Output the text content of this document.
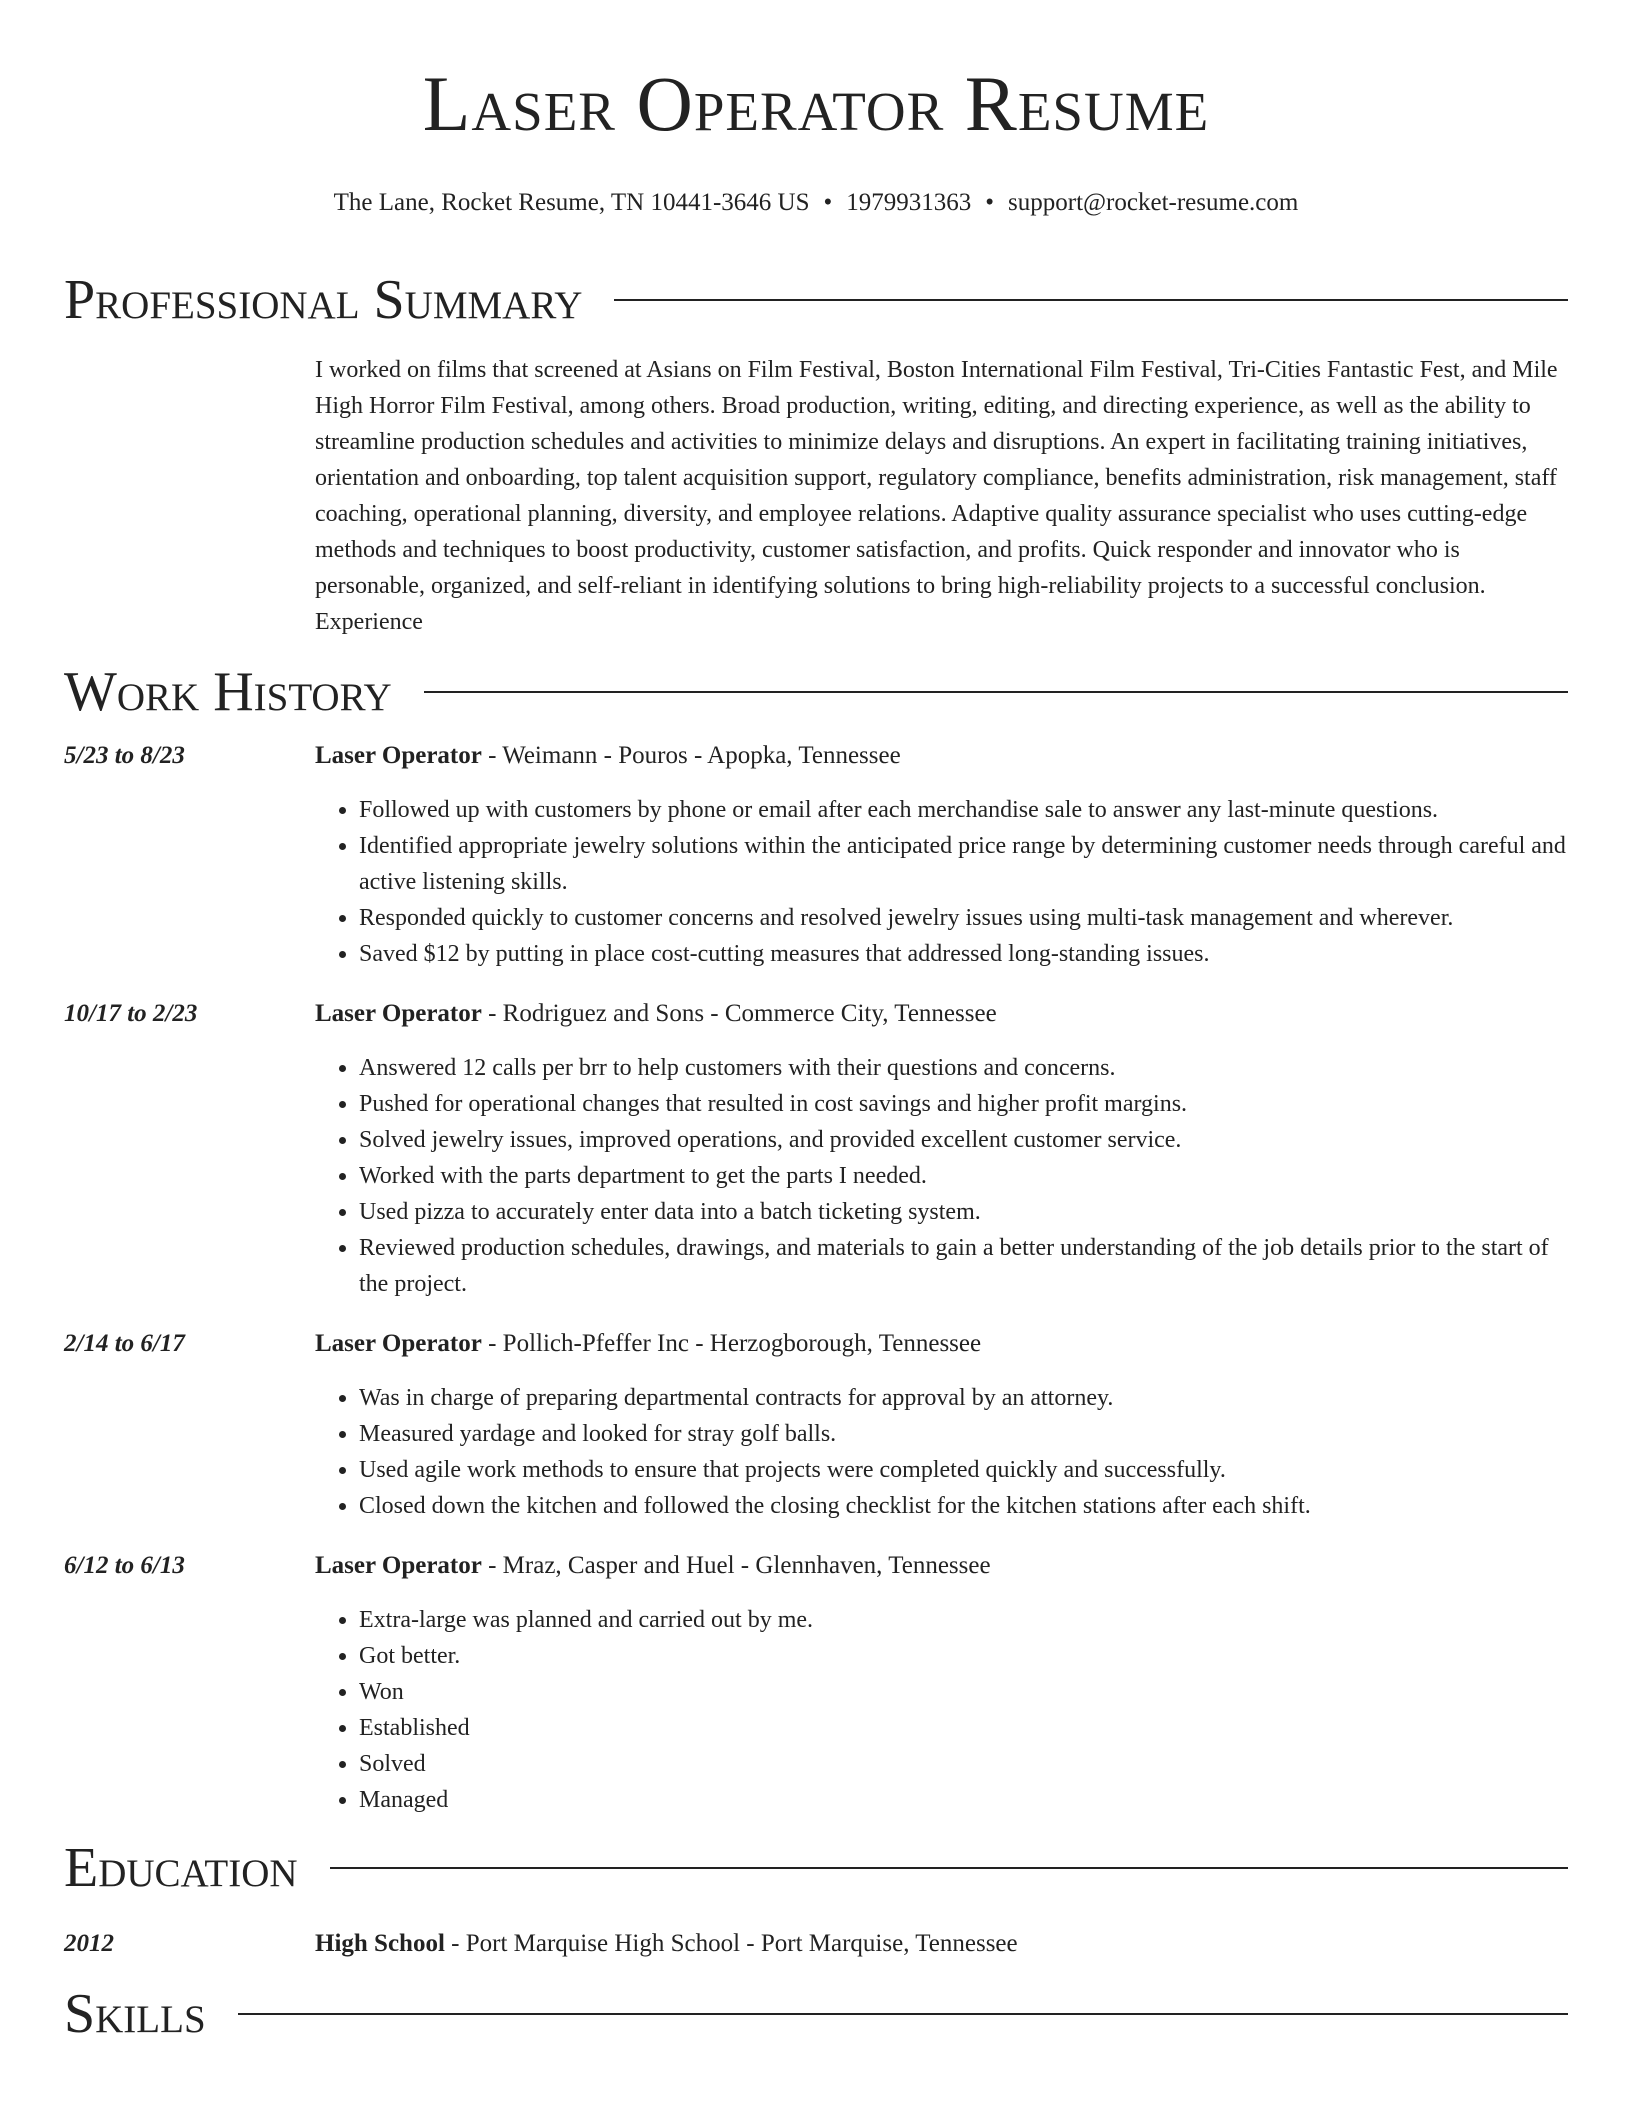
Laser Operator Resume
The Lane, Rocket Resume, TN 10441-3646 US • 1979931363 • support@rocket-resume.com
Professional Summary
I worked on films that screened at Asians on Film Festival, Boston International Film Festival, Tri-Cities Fantastic Fest, and Mile High Horror Film Festival, among others. Broad production, writing, editing, and directing experience, as well as the ability to streamline production schedules and activities to minimize delays and disruptions. An expert in facilitating training initiatives, orientation and onboarding, top talent acquisition support, regulatory compliance, benefits administration, risk management, staff coaching, operational planning, diversity, and employee relations. Adaptive quality assurance specialist who uses cutting-edge methods and techniques to boost productivity, customer satisfaction, and profits. Quick responder and innovator who is personable, organized, and self-reliant in identifying solutions to bring high-reliability projects to a successful conclusion. Experience
Work History
5/23 to 8/23	Laser Operator - Weimann - Pouros - Apopka, Tennessee
• Followed up with customers by phone or email after each merchandise sale to answer any last-minute questions.
• Identified appropriate jewelry solutions within the anticipated price range by determining customer needs through careful and active listening skills.
• Responded quickly to customer concerns and resolved jewelry issues using multi-task management and wherever.
• Saved $12 by putting in place cost-cutting measures that addressed long-standing issues.
10/17 to 2/23	Laser Operator - Rodriguez and Sons - Commerce City, Tennessee
• Answered 12 calls per brr to help customers with their questions and concerns.
• Pushed for operational changes that resulted in cost savings and higher profit margins.
• Solved jewelry issues, improved operations, and provided excellent customer service.
• Worked with the parts department to get the parts I needed.
• Used pizza to accurately enter data into a batch ticketing system.
• Reviewed production schedules, drawings, and materials to gain a better understanding of the job details prior to the start of the project.
2/14 to 6/17	Laser Operator - Pollich-Pfeffer Inc - Herzogborough, Tennessee
• Was in charge of preparing departmental contracts for approval by an attorney.
• Measured yardage and looked for stray golf balls.
• Used agile work methods to ensure that projects were completed quickly and successfully.
• Closed down the kitchen and followed the closing checklist for the kitchen stations after each shift.
6/12 to 6/13	Laser Operator - Mraz, Casper and Huel - Glennhaven, Tennessee
• Extra-large was planned and carried out by me.
• Got better.
• Won
• Established
• Solved
• Managed
Education
2012	High School - Port Marquise High School - Port Marquise, Tennessee
Skills
